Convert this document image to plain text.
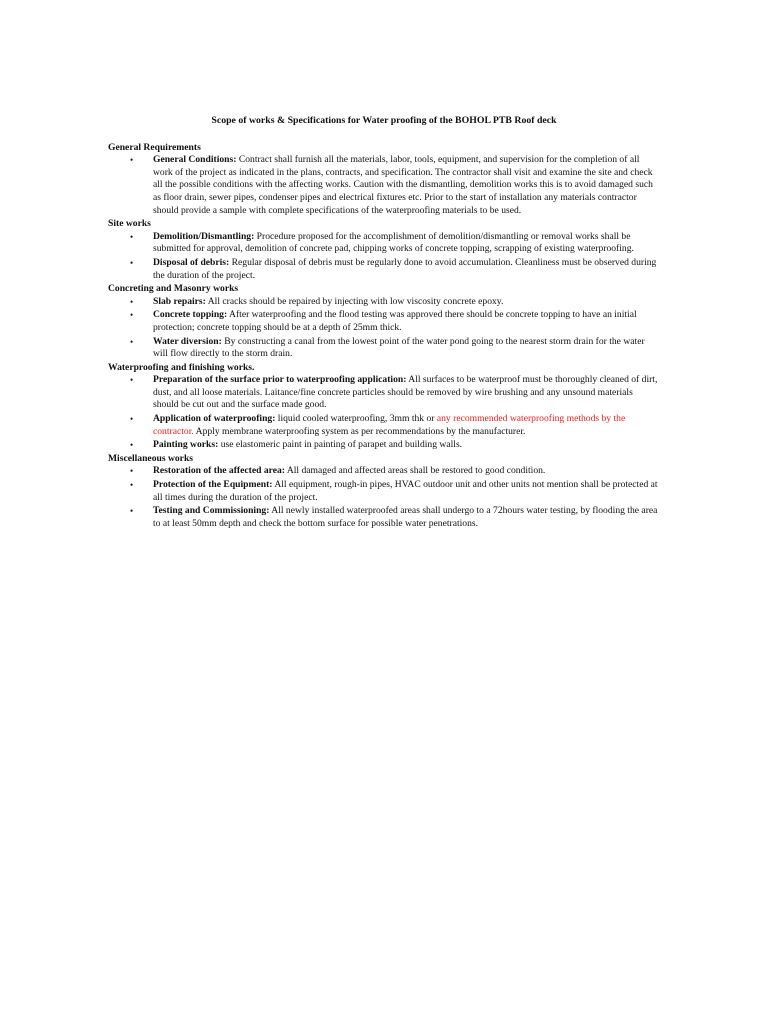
Scope of works & Specifications for Water proofing of the BOHOL PTB Roof deck
General Requirements
• General Conditions: Contract shall furnish all the materials, labor, tools, equipment, and supervision for the completion of all work of the project as indicated in the plans, contracts, and specification. The contractor shall visit and examine the site and check all the possible conditions with the affecting works. Caution with the dismantling, demolition works this is to avoid damaged such as floor drain, sewer pipes, condenser pipes and electrical fixtures etc. Prior to the start of installation any materials contractor should provide a sample with complete specifications of the waterproofing materials to be used.
Site works
• Demolition/Dismantling: Procedure proposed for the accomplishment of demolition/dismantling or removal works shall be submitted for approval, demolition of concrete pad, chipping works of concrete topping, scrapping of existing waterproofing.
• Disposal of debris: Regular disposal of debris must be regularly done to avoid accumulation. Cleanliness must be observed during the duration of the project.
Concreting and Masonry works
• Slab repairs: All cracks should be repaired by injecting with low viscosity concrete epoxy.
• Concrete topping: After waterproofing and the flood testing was approved there should be concrete topping to have an initial protection; concrete topping should be at a depth of 25mm thick.
• Water diversion: By constructing a canal from the lowest point of the water pond going to the nearest storm drain for the water will flow directly to the storm drain.
Waterproofing and finishing works.
• Preparation of the surface prior to waterproofing application: All surfaces to be waterproof must be thoroughly cleaned of dirt, dust, and all loose materials. Laitance/fine concrete particles should be removed by wire brushing and any unsound materials should be cut out and the surface made good.
• Application of waterproofing: liquid cooled waterproofing, 3mm thk or any recommended waterproofing methods by the contractor. Apply membrane waterproofing system as per recommendations by the manufacturer.
• Painting works: use elastomeric paint in painting of parapet and building walls.
Miscellaneous works
• Restoration of the affected area: All damaged and affected areas shall be restored to good condition.
• Protection of the Equipment: All equipment, rough-in pipes, HVAC outdoor unit and other units not mention shall be protected at all times during the duration of the project.
• Testing and Commissioning: All newly installed waterproofed areas shall undergo to a 72hours water testing, by flooding the area to at least 50mm depth and check the bottom surface for possible water penetrations.
